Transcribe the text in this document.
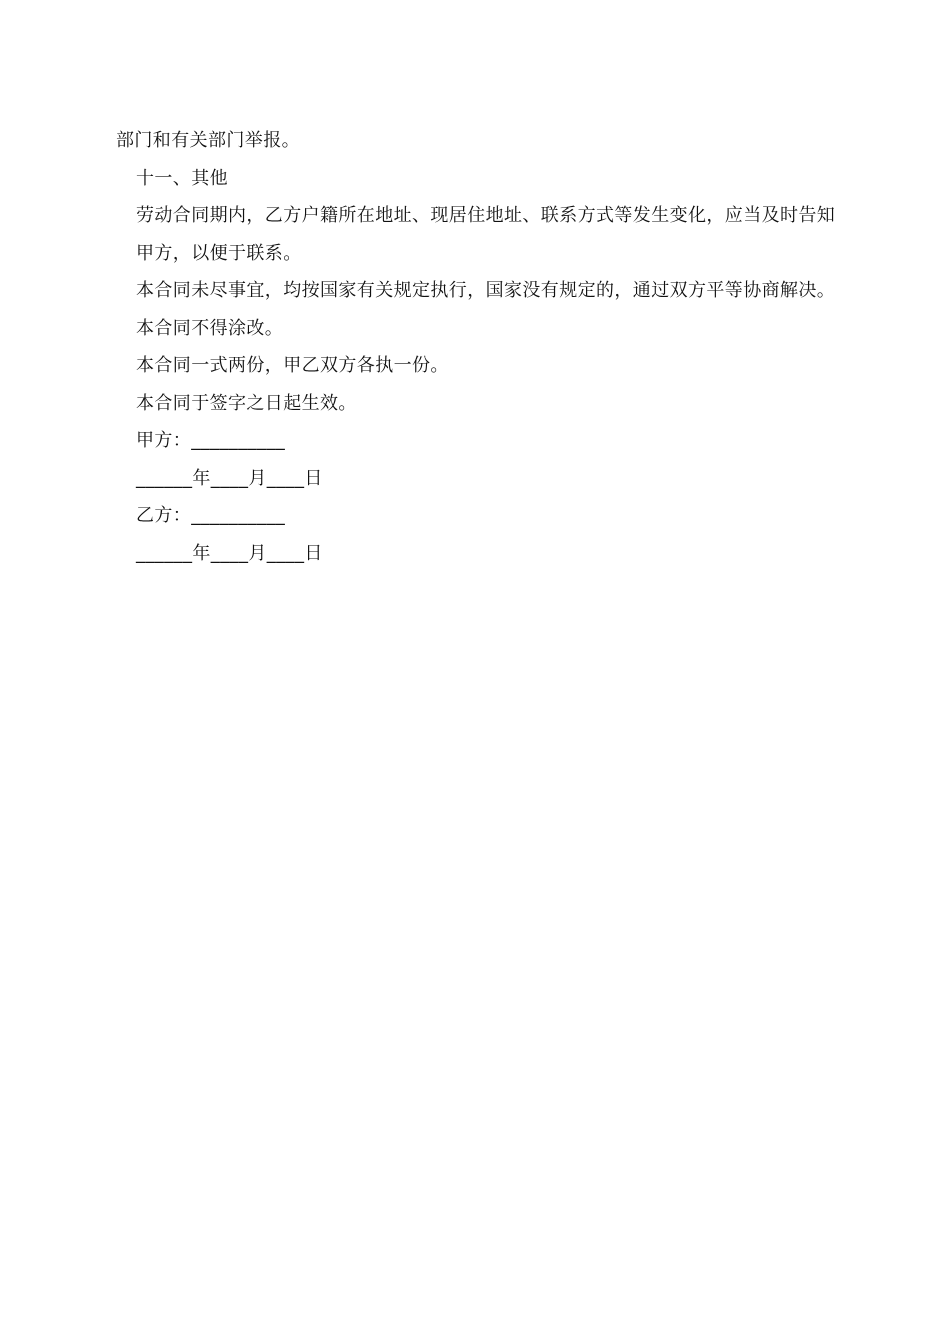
部门和有关部门举报。
十一、其他
劳动合同期内，乙方户籍所在地址、现居住地址、联系方式等发生变化，应当及时告知甲方，以便于联系。
本合同未尽事宜，均按国家有关规定执行，国家没有规定的，通过双方平等协商解决。
本合同不得涂改。
本合同一式两份，甲乙双方各执一份。
本合同于签字之日起生效。
甲方：__________
______年____月____日
乙方：__________
______年____月____日
